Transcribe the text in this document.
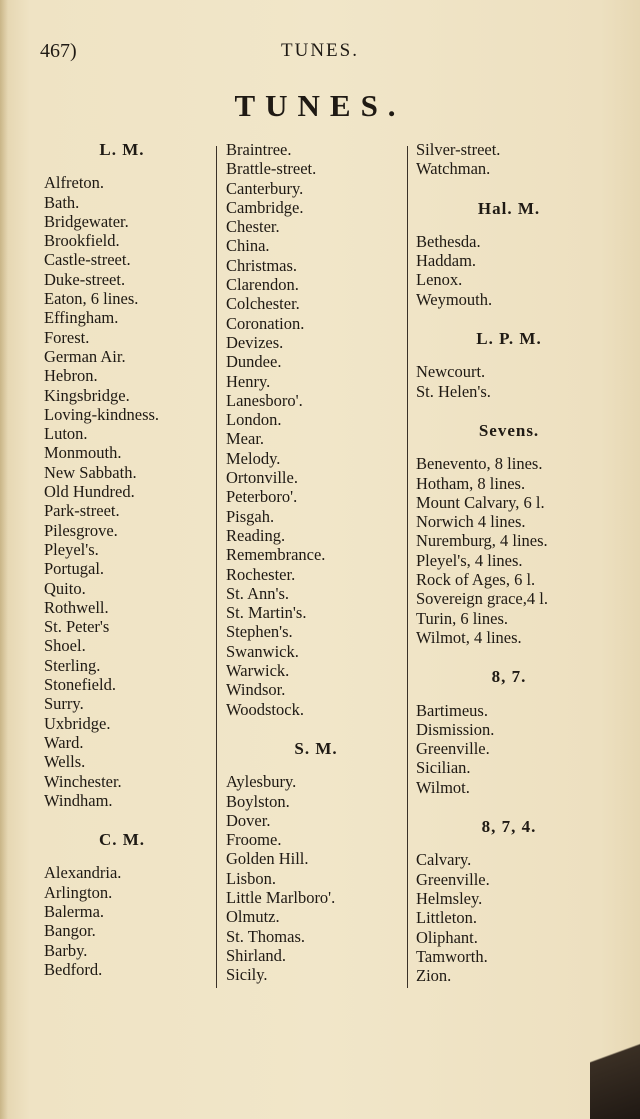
467)	TUNES.
TUNES.
L. M.
Alfreton.
Bath.
Bridgewater.
Brookfield.
Castle-street.
Duke-street.
Eaton, 6 lines.
Effingham.
Forest.
German Air.
Hebron.
Kingsbridge.
Loving-kindness.
Luton.
Monmouth.
New Sabbath.
Old Hundred.
Park-street.
Pilesgrove.
Pleyel's.
Portugal.
Quito.
Rothwell.
St. Peter's
Shoel.
Sterling.
Stonefield.
Surry.
Uxbridge.
Ward.
Wells.
Winchester.
Windham.
C. M.
Alexandria.
Arlington.
Balerma.
Bangor.
Barby.
Bedford.
Braintree.
Brattle-street.
Canterbury.
Cambridge.
Chester.
China.
Christmas.
Clarendon.
Colchester.
Coronation.
Devizes.
Dundee.
Henry.
Lanesboro'.
London.
Mear.
Melody.
Ortonville.
Peterboro'.
Pisgah.
Reading.
Remembrance.
Rochester.
St. Ann's.
St. Martin's.
Stephen's.
Swanwick.
Warwick.
Windsor.
Woodstock.
S. M.
Aylesbury.
Boylston.
Dover.
Froome.
Golden Hill.
Lisbon.
Little Marlboro'.
Olmutz.
St. Thomas.
Shirland.
Sicily.
Silver-street.
Watchman.
Hal. M.
Bethesda.
Haddam.
Lenox.
Weymouth.
L. P. M.
Newcourt.
St. Helen's.
Sevens.
Benevento, 8 lines.
Hotham, 8 lines.
Mount Calvary, 6 l.
Norwich 4 lines.
Nuremburg, 4 lines.
Pleyel's, 4 lines.
Rock of Ages, 6 l.
Sovereign grace,4 l.
Turin, 6 lines.
Wilmot, 4 lines.
8, 7.
Bartimeus.
Dismission.
Greenville.
Sicilian.
Wilmot.
8, 7, 4.
Calvary.
Greenville.
Helmsley.
Littleton.
Oliphant.
Tamworth.
Zion.
